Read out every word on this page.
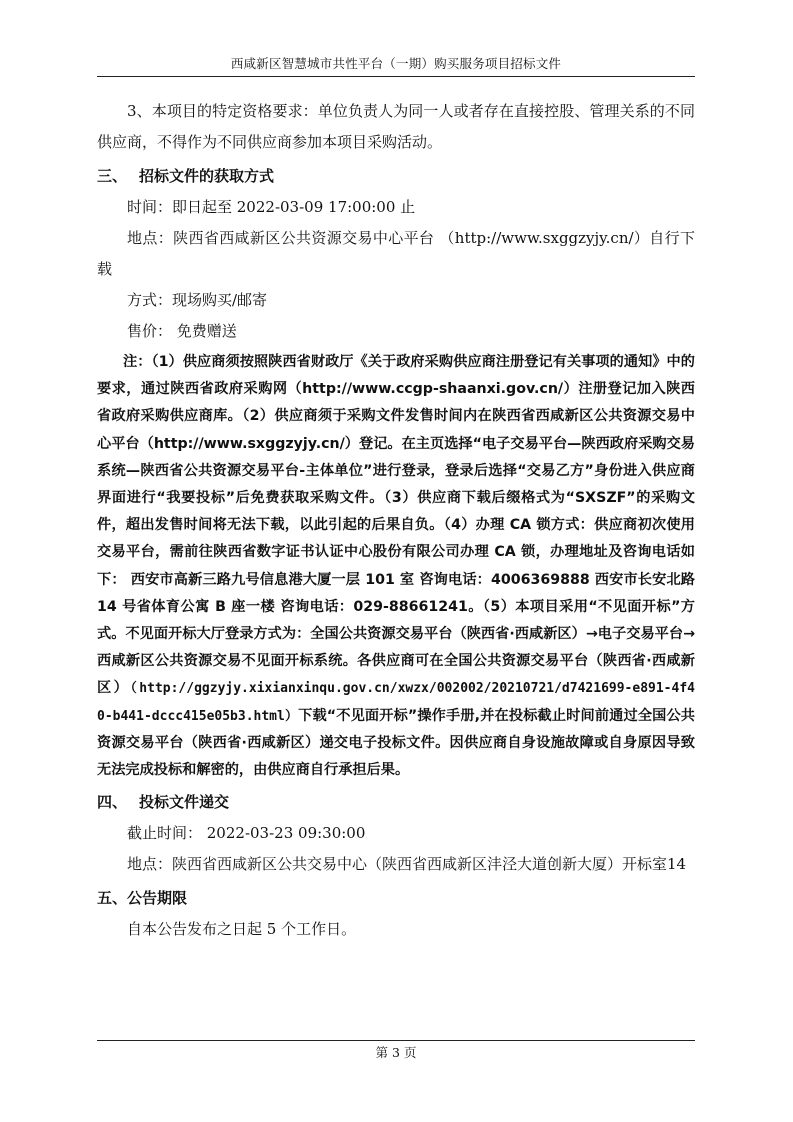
西咸新区智慧城市共性平台（一期）购买服务项目招标文件

3、本项目的特定资格要求：单位负责人为同一人或者存在直接控股、管理关系的不同供应商，不得作为不同供应商参加本项目采购活动。

三、 招标文件的获取方式

时间：即日起至 2022-03-09 17:00:00 止

地点：陕西省西咸新区公共资源交易中心平台 （http://www.sxggzyjy.cn/）自行下载

方式：现场购买/邮寄

售价： 免费赠送

注：（1）供应商须按照陕西省财政厅《关于政府采购供应商注册登记有关事项的通知》中的要求，通过陕西省政府采购网（http://www.ccgp-shaanxi.gov.cn/）注册登记加入陕西省政府采购供应商库。（2）供应商须于采购文件发售时间内在陕西省西咸新区公共资源交易中心平台（http://www.sxggzyjy.cn/）登记。在主页选择“电子交易平台—陕西政府采购交易系统—陕西省公共资源交易平台-主体单位”进行登录，登录后选择“交易乙方”身份进入供应商界面进行“我要投标”后免费获取采购文件。（3）供应商下载后缀格式为“SXSZF”的采购文件，超出发售时间将无法下载，以此引起的后果自负。（4）办理 CA 锁方式：供应商初次使用交易平台，需前往陕西省数字证书认证中心股份有限公司办理 CA 锁，办理地址及咨询电话如下： 西安市高新三路九号信息港大厦一层 101 室 咨询电话：4006369888 西安市长安北路 14 号省体育公寓 B 座一楼 咨询电话：029-88661241。（5）本项目采用“不见面开标”方式。不见面开标大厅登录方式为：全国公共资源交易平台（陕西省·西咸新区）→电子交易平台→西咸新区公共资源交易不见面开标系统。各供应商可在全国公共资源交易平台（陕西省·西咸新区）（http://ggzyjy.xixianxinqu.gov.cn/xwzx/002002/20210721/d7421699-e891-4f40-b441-dccc415e05b3.html）下载“不见面开标”操作手册,并在投标截止时间前通过全国公共资源交易平台（陕西省·西咸新区）递交电子投标文件。因供应商自身设施故障或自身原因导致无法完成投标和解密的，由供应商自行承担后果。

四、 投标文件递交

截止时间： 2022-03-23 09:30:00

地点：陕西省西咸新区公共交易中心（陕西省西咸新区沣泾大道创新大厦）开标室14

五、公告期限

自本公告发布之日起 5 个工作日。

第 3 页
